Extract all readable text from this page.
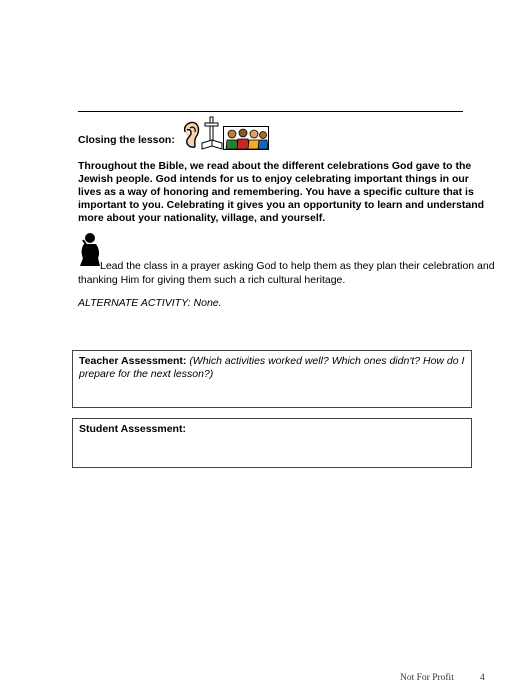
Closing the lesson:

Throughout the Bible, we read about the different celebrations God gave to the Jewish people. God intends for us to enjoy celebrating important things in our lives as a way of honoring and remembering. You have a specific culture that is important to you. Celebrating it gives you an opportunity to learn and understand more about your nationality, village, and yourself.

Lead the class in a prayer asking God to help them as they plan their celebration and thanking Him for giving them such a rich cultural heritage.

ALTERNATE ACTIVITY: None.

Teacher Assessment: (Which activities worked well? Which ones didn't? How do I prepare for the next lesson?)
Student Assessment:
Not For Profit	4
